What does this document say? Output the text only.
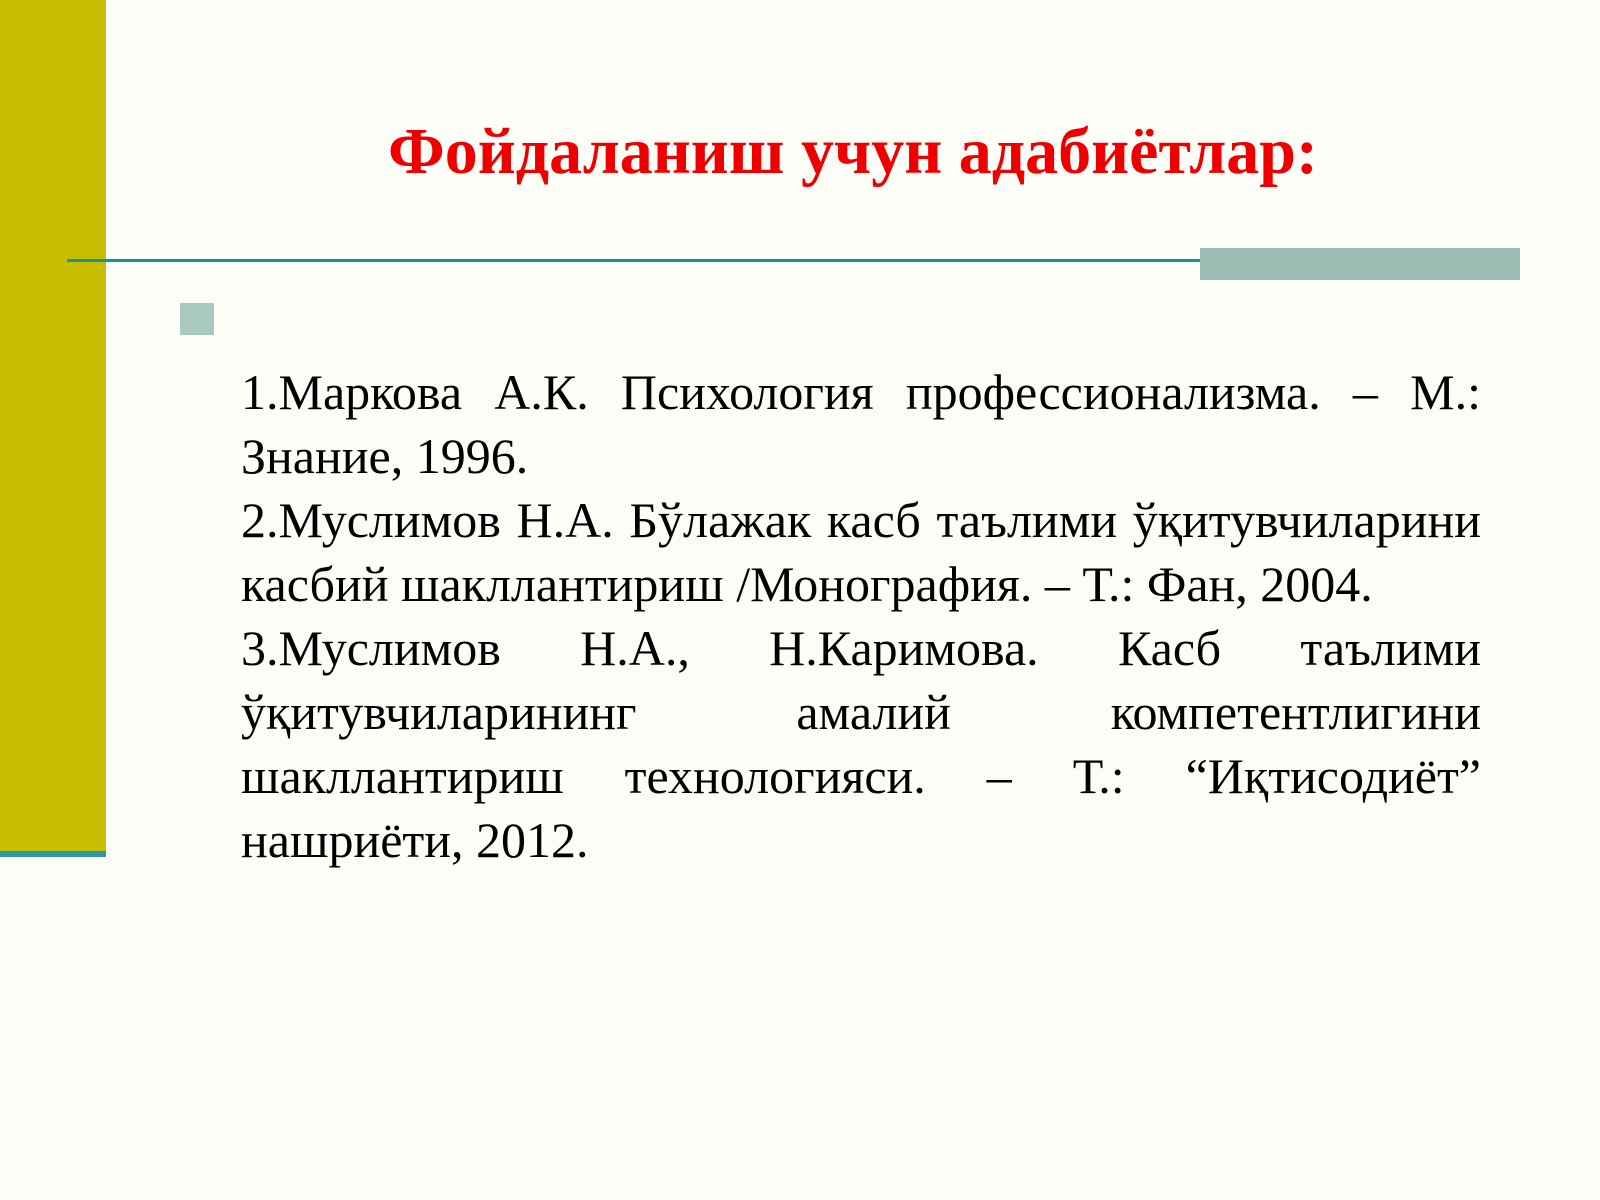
Фойдаланиш учун адабиётлар:
1.Маркова А.К. Психология профессионализма. – М.: Знание, 1996.
2.Муслимов Н.А. Бўлажак касб таълими ўқитувчиларини касбий шакллантириш /Монография. – Т.: Фан, 2004.
3.Муслимов Н.А., Н.Каримова. Касб таълими ўқитувчиларининг амалий компетентлигини шакллантириш технологияси. – Т.: “Иқтисодиёт” нашриёти, 2012.
